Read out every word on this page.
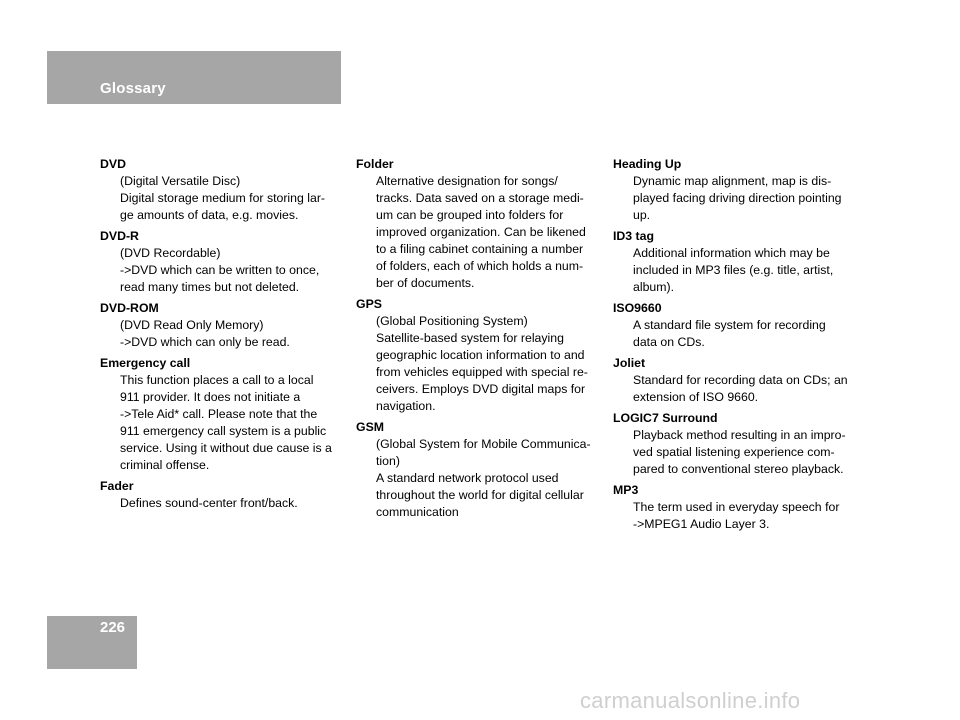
Glossary
226
DVD
(Digital Versatile Disc)
Digital storage medium for storing lar-
ge amounts of data, e.g. movies.
DVD-R
(DVD Recordable)
->DVD which can be written to once,
read many times but not deleted.
DVD-ROM
(DVD Read Only Memory)
->DVD which can only be read.
Emergency call
This function places a call to a local
911 provider. It does not initiate a
->Tele Aid* call. Please note that the
911 emergency call system is a public
service. Using it without due cause is a
criminal offense.
Fader
Defines sound-center front/back.
Folder
Alternative designation for songs/
tracks. Data saved on a storage medi-
um can be grouped into folders for
improved organization. Can be likened
to a filing cabinet containing a number
of folders, each of which holds a num-
ber of documents.
GPS
(Global Positioning System)
Satellite-based system for relaying
geographic location information to and
from vehicles equipped with special re-
ceivers. Employs DVD digital maps for
navigation.
GSM
(Global System for Mobile Communica-
tion)
A standard network protocol used
throughout the world for digital cellular
communication
Heading Up
Dynamic map alignment, map is dis-
played facing driving direction pointing
up.
ID3 tag
Additional information which may be
included in MP3 files (e.g. title, artist,
album).
ISO9660
A standard file system for recording
data on CDs.
Joliet
Standard for recording data on CDs; an
extension of ISO 9660.
LOGIC7 Surround
Playback method resulting in an impro-
ved spatial listening experience com-
pared to conventional stereo playback.
MP3
The term used in everyday speech for
->MPEG1 Audio Layer 3.
carmanualsonline.info
